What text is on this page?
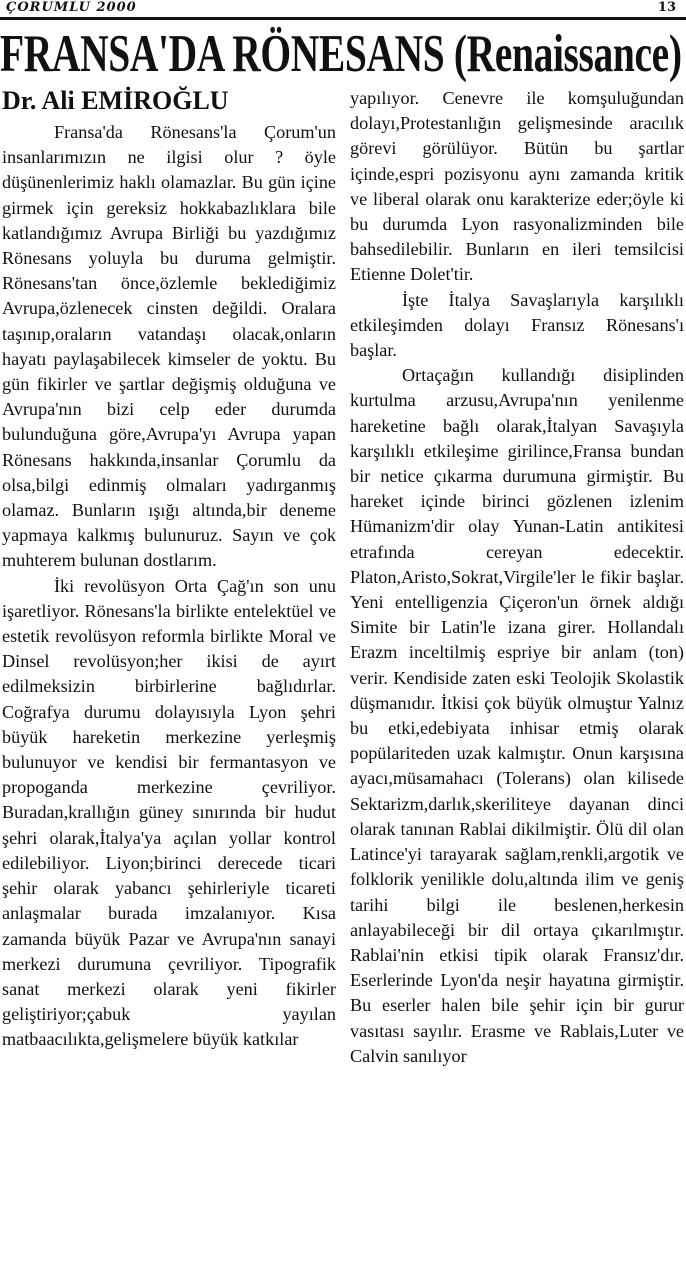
ÇORUMLU 2000	13
FRANSA'DA RÖNESANS (Renaissance)
Dr. Ali EMİROĞLU

Fransa'da Rönesans'la Çorum'un insanlarımızın ne ilgisi olur ? öyle düşünenlerimiz haklı olamazlar. Bu gün içine girmek için gereksiz hokkabazlıklara bile katlandığımız Avrupa Birliği bu yazdığımız Rönesans yoluyla bu duruma gelmiştir. Rönesans'tan önce,özlemle beklediğimiz Avrupa,özlenecek cinsten değildi. Oralara taşınıp,oraların vatandaşı olacak,onların hayatı paylaşabilecek kimseler de yoktu. Bu gün fikirler ve şartlar değişmiş olduğuna ve Avrupa'nın bizi celp eder durumda bulunduğuna göre,Avrupa'yı Avrupa yapan Rönesans hakkında,insanlar Çorumlu da olsa,bilgi edinmiş olmaları yadırganmış olamaz. Bunların ışığı altında,bir deneme yapmaya kalkmış bulunuruz. Sayın ve çok muhterem bulunan dostlarım.

İki revolüsyon Orta Çağ'ın son unu işaretliyor. Rönesans'la birlikte entelektüel ve estetik revolüsyon reformla birlikte Moral ve Dinsel revolüsyon;her ikisi de ayırt edilmeksizin birbirlerine bağlıdırlar. Coğrafya durumu dolayısıyla Lyon şehri büyük hareketin merkezine yerleşmiş bulunuyor ve kendisi bir fermantasyon ve propoganda merkezine çevriliyor. Buradan,krallığın güney sınırında bir hudut şehri olarak,İtalya'ya açılan yollar kontrol edilebiliyor. Liyon;birinci derecede ticari şehir olarak yabancı şehirleriyle ticareti anlaşmalar burada imzalanıyor. Kısa zamanda büyük Pazar ve Avrupa'nın sanayi merkezi durumuna çevriliyor. Tipografik sanat merkezi olarak yeni fikirler geliştiriyor;çabuk yayılan matbaacılıkta,gelişmelere büyük katkılar

yapılıyor. Cenevre ile komşuluğundan dolayı,Protestanlığın gelişmesinde aracılık görevi görülüyor. Bütün bu şartlar içinde,espri pozisyonu aynı zamanda kritik ve liberal olarak onu karakterize eder;öyle ki bu durumda Lyon rasyonalizminden bile bahsedilebilir. Bunların en ileri temsilcisi Etienne Dolet'tir.

İşte İtalya Savaşlarıyla karşılıklı etkileşimden dolayı Fransız Rönesans'ı başlar.

Ortaçağın kullandığı disiplinden kurtulma arzusu,Avrupa'nın yenilenme hareketine bağlı olarak,İtalyan Savaşıyla karşılıklı etkileşime girilince,Fransa bundan bir netice çıkarma durumuna girmiştir. Bu hareket içinde birinci gözlenen izlenim Hümanizm'dir olay Yunan-Latin antikitesi etrafında cereyan edecektir. Platon,Aristo,Sokrat,Virgile'ler le fikir başlar. Yeni entelligenzia Çiçeron'un örnek aldığı Simite bir Latin'le izana girer. Hollandalı Erazm inceltilmiş espriye bir anlam (ton) verir. Kendiside zaten eski Teolojik Skolastik düşmanıdır. İtkisi çok büyük olmuştur Yalnız bu etki,edebiyata inhisar etmiş olarak popülariteden uzak kalmıştır. Onun karşısına ayacı,müsamahacı (Tolerans) olan kilisede Sektarizm,darlık,skeriliteye dayanan dinci olarak tanınan Rablai dikilmiştir. Ölü dil olan Latince'yi tarayarak sağlam,renkli,argotik ve folklorik yenilikle dolu,altında ilim ve geniş tarihi bilgi ile beslenen,herkesin anlayabileceği bir dil ortaya çıkarılmıştır. Rablai'nin etkisi tipik olarak Fransız'dır. Eserlerinde Lyon'da neşir hayatına girmiştir. Bu eserler halen bile şehir için bir gurur vasıtası sayılır. Erasme ve Rablais,Luter ve Calvin sanılıyor
